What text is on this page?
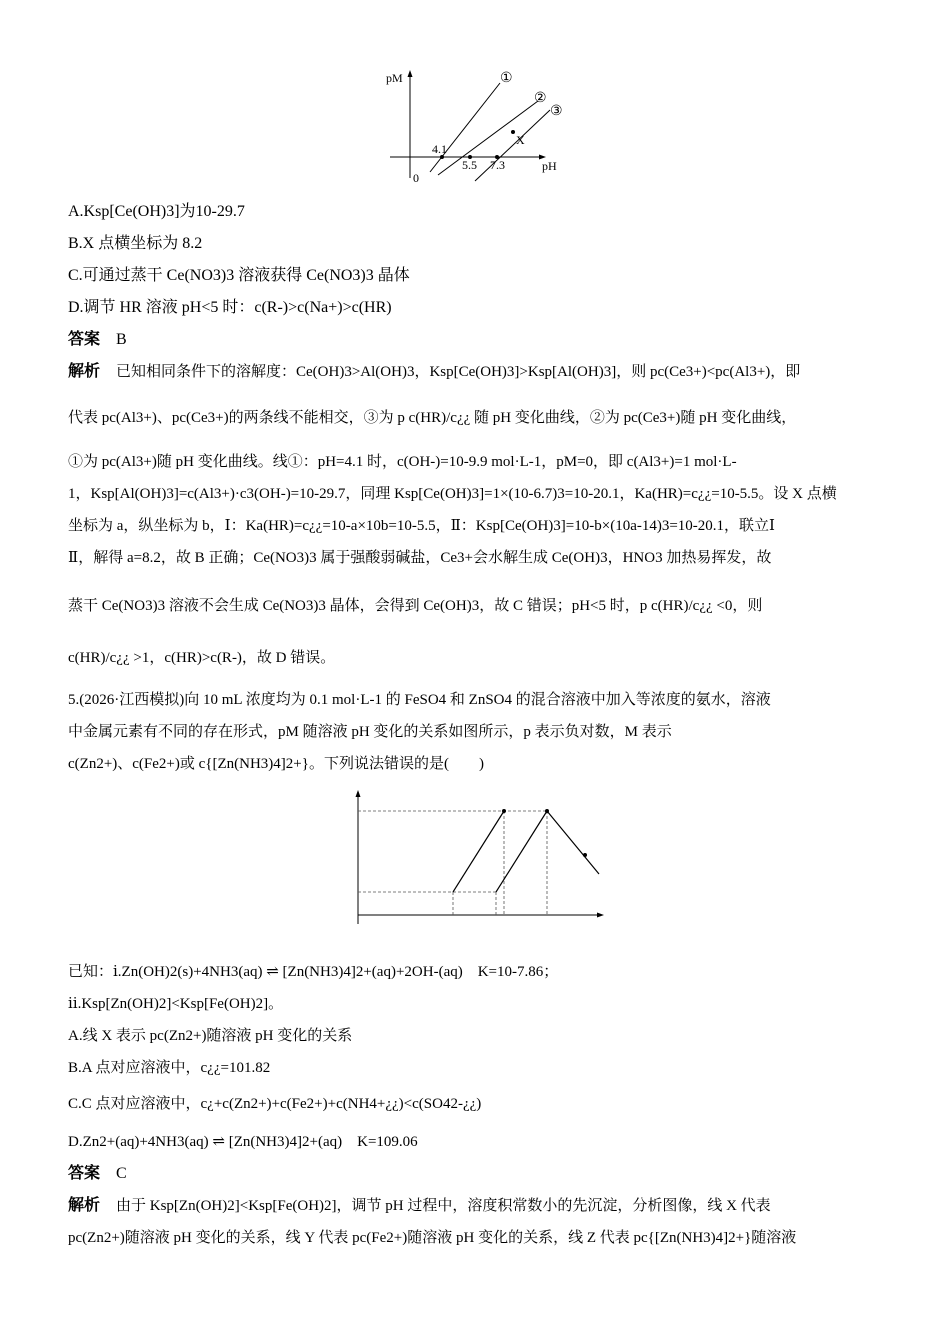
pM
pH
0
4.1
5.5 7.3
X
①
②
③
A.Ksp[Ce(OH)3]为10-29.7
B.X 点横坐标为 8.2
C.可通过蒸干 Ce(NO3)3 溶液获得 Ce(NO3)3 晶体
D.调节 HR 溶液 pH<5 时：c(R-)>c(Na+)>c(HR)
答案 B
解析 已知相同条件下的溶解度：Ce(OH)3>Al(OH)3，Ksp[Ce(OH)3]>Ksp[Al(OH)3]，则 pc(Ce3+)<pc(Al3+)，即
代表 pc(Al3+)、pc(Ce3+)的两条线不能相交，③为 p c(HR)/c¿¿ 随 pH 变化曲线，②为 pc(Ce3+)随 pH 变化曲线，
①为 pc(Al3+)随 pH 变化曲线。线①：pH=4.1 时，c(OH-)=10-9.9 mol·L-1，pM=0，即 c(Al3+)=1 mol·L-
1，Ksp[Al(OH)3]=c(Al3+)·c3(OH-)=10-29.7，同理 Ksp[Ce(OH)3]=1×(10-6.7)3=10-20.1，Ka(HR)=c¿¿=10-5.5。设 X 点横
坐标为 a，纵坐标为 b，Ⅰ：Ka(HR)=c¿¿=10-a×10b=10-5.5，Ⅱ：Ksp[Ce(OH)3]=10-b×(10a-14)3=10-20.1，联立Ⅰ
Ⅱ，解得 a=8.2，故 B 正确；Ce(NO3)3 属于强酸弱碱盐，Ce3+会水解生成 Ce(OH)3，HNO3 加热易挥发，故
蒸干 Ce(NO3)3 溶液不会生成 Ce(NO3)3 晶体，会得到 Ce(OH)3，故 C 错误；pH<5 时，p c(HR)/c¿¿ <0，则
c(HR)/c¿¿ >1，c(HR)>c(R-)，故 D 错误。
5.(2026·江西模拟)向 10 mL 浓度均为 0.1 mol·L-1 的 FeSO4 和 ZnSO4 的混合溶液中加入等浓度的氨水，溶液
中金属元素有不同的存在形式，pM 随溶液 pH 变化的关系如图所示，p 表示负对数，M 表示
c(Zn2+)、c(Fe2+)或 c{[Zn(NH3)4]2+}。下列说法错误的是(　　)
已知：ⅰ.Zn(OH)2(s)+4NH3(aq) ⇌ [Zn(NH3)4]2+(aq)+2OH-(aq)　K=10-7.86；
ⅱ.Ksp[Zn(OH)2]<Ksp[Fe(OH)2]。
A.线 X 表示 pc(Zn2+)随溶液 pH 变化的关系
B.A 点对应溶液中，c¿¿=101.82
C.C 点对应溶液中，c¿+c(Zn2+)+c(Fe2+)+c(NH4+¿¿)<c(SO42-¿¿)
D.Zn2+(aq)+4NH3(aq) ⇌ [Zn(NH3)4]2+(aq)　K=109.06
答案 C
解析 由于 Ksp[Zn(OH)2]<Ksp[Fe(OH)2]，调节 pH 过程中，溶度积常数小的先沉淀，分析图像，线 X 代表
pc(Zn2+)随溶液 pH 变化的关系，线 Y 代表 pc(Fe2+)随溶液 pH 变化的关系，线 Z 代表 pc{[Zn(NH3)4]2+}随溶液
